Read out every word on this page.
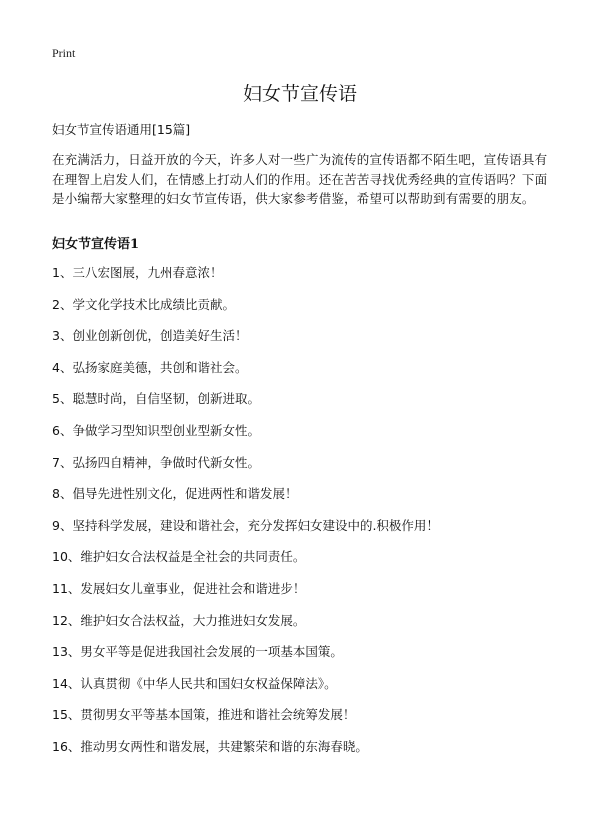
Print
妇女节宣传语

妇女节宣传语通用[15篇]

在充满活力，日益开放的今天，许多人对一些广为流传的宣传语都不陌生吧，宣传语具有在理智上启发人们，在情感上打动人们的作用。还在苦苦寻找优秀经典的宣传语吗？下面是小编帮大家整理的妇女节宣传语，供大家参考借鉴，希望可以帮助到有需要的朋友。

妇女节宣传语1
1、三八宏图展，九州春意浓！
2、学文化学技术比成绩比贡献。
3、创业创新创优，创造美好生活！
4、弘扬家庭美德，共创和谐社会。
5、聪慧时尚，自信坚韧，创新进取。
6、争做学习型知识型创业型新女性。
7、弘扬四自精神，争做时代新女性。
8、倡导先进性别文化，促进两性和谐发展！
9、坚持科学发展，建设和谐社会，充分发挥妇女建设中的.积极作用！
10、维护妇女合法权益是全社会的共同责任。
11、发展妇女儿童事业，促进社会和谐进步！
12、维护妇女合法权益，大力推进妇女发展。
13、男女平等是促进我国社会发展的一项基本国策。
14、认真贯彻《中华人民共和国妇女权益保障法》。
15、贯彻男女平等基本国策，推进和谐社会统筹发展！
16、推动男女两性和谐发展，共建繁荣和谐的东海春晓。
